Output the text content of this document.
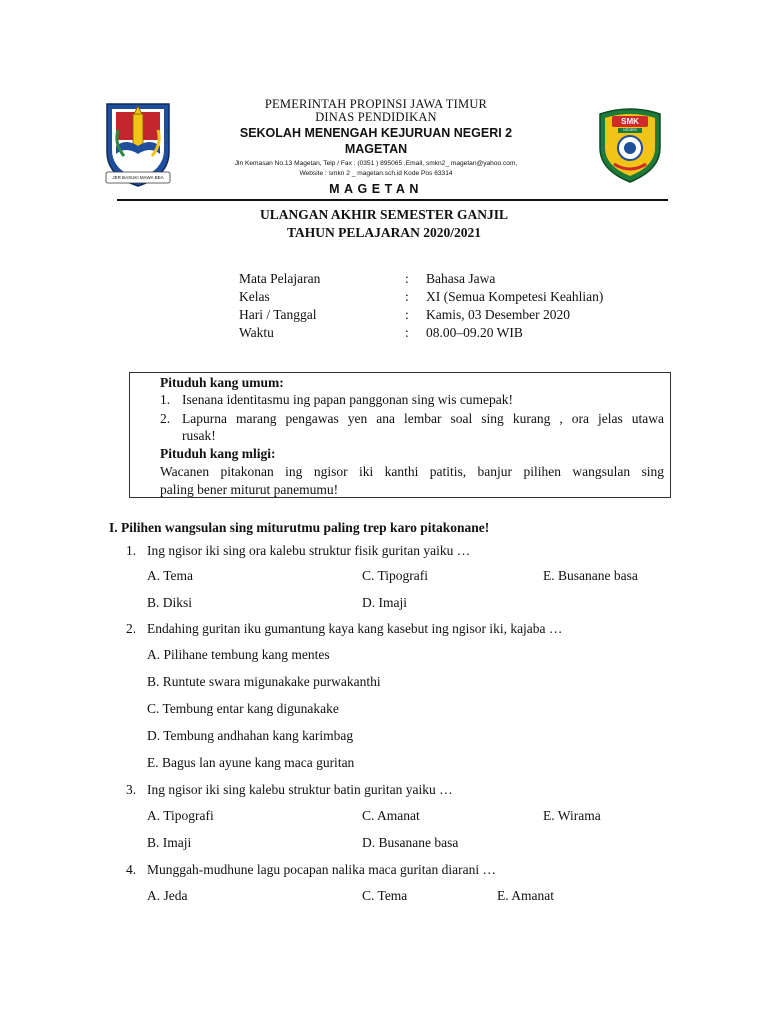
JER BASUKI MAWA BEA
PEMERINTAH PROPINSI JAWA TIMUR
DINAS PENDIDIKAN
SEKOLAH MENENGAH KEJURUAN NEGERI 2
MAGETAN
Jln Kemasan No.13 Magetan, Telp / Fax : (0351 ) 895065 ,Email, smkn2_ magetan@yahoo.com,
Website : smkn 2 _ magetan.sch.id Kode Pos 63314
MAGETAN
SMK
NEGERI
ULANGAN AKHIR SEMESTER GANJIL
TAHUN PELAJARAN 2020/2021
Mata Pelajaran	: Bahasa Jawa
Kelas	: XI (Semua Kompetesi Keahlian)
Hari / Tanggal	: Kamis, 03 Desember 2020
Waktu	: 08.00–09.20 WIB
Pituduh kang umum:
1. Isenana identitasmu ing papan panggonan sing wis cumepak!
2. Lapurna marang pengawas yen ana lembar soal sing kurang , ora jelas utawa
rusak!
Pituduh kang mligi:
Wacanen pitakonan ing ngisor iki kanthi patitis, banjur pilihen wangsulan sing
paling bener miturut panemumu!
I. Pilihen wangsulan sing miturutmu paling trep karo pitakonane!
1. Ing ngisor iki sing ora kalebu struktur fisik guritan yaiku …
A. Tema	C. Tipografi	E. Busanane basa
B. Diksi	D. Imaji
2. Endahing guritan iku gumantung kaya kang kasebut ing ngisor iki, kajaba …
A. Pilihane tembung kang mentes
B. Runtute swara migunakake purwakanthi
C. Tembung entar kang digunakake
D. Tembung andhahan kang karimbag
E. Bagus lan ayune kang maca guritan
3. Ing ngisor iki sing kalebu struktur batin guritan yaiku …
A. Tipografi	C. Amanat	E. Wirama
B. Imaji	D. Busanane basa
4. Munggah-mudhune lagu pocapan nalika maca guritan diarani …
A. Jeda	C. Tema	E. Amanat
